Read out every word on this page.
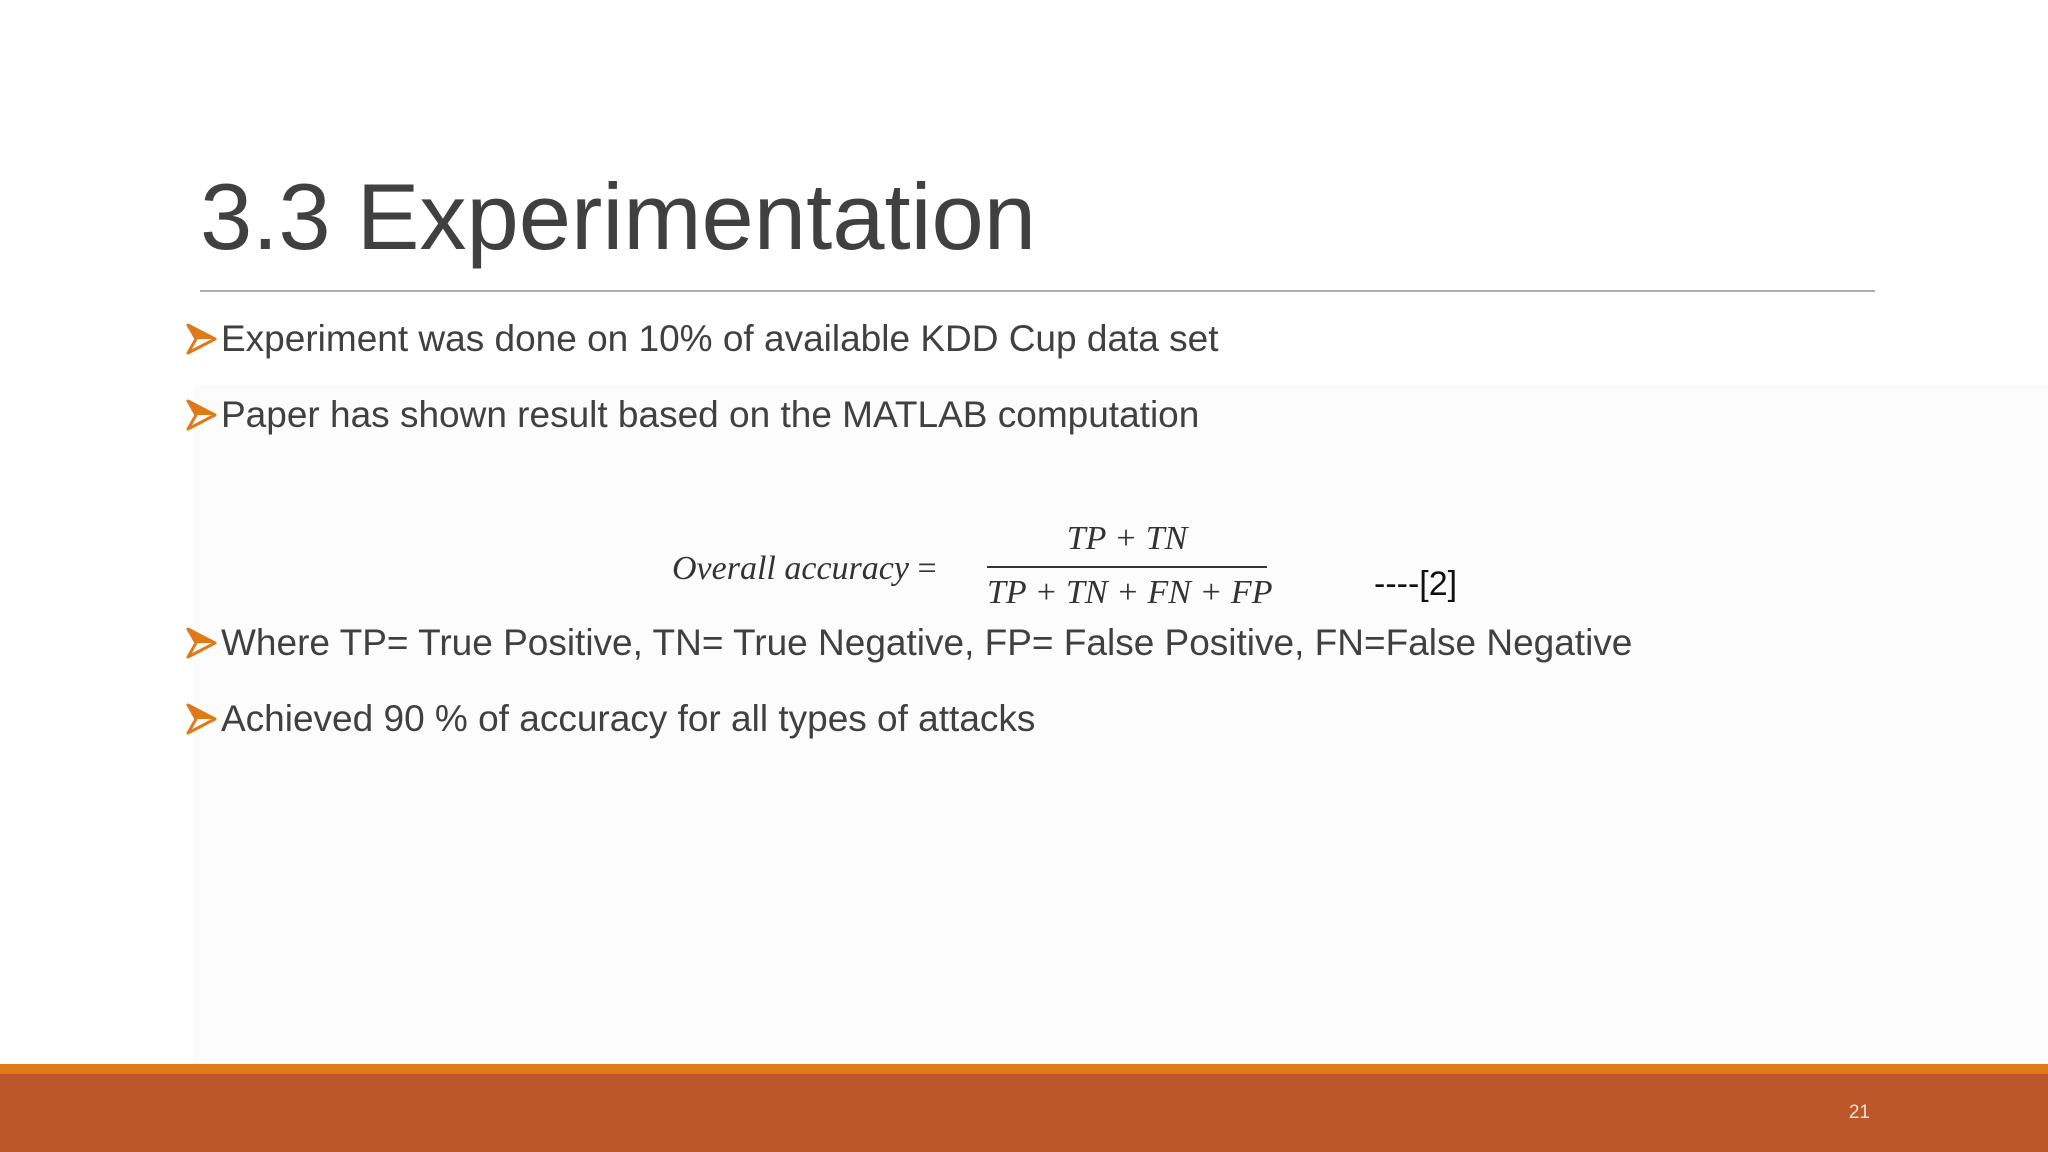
3.3 Experimentation
Experiment was done on 10% of available KDD Cup data set
Paper has shown result based on the MATLAB computation
Overall accuracy =
TP + TN
TP + TN + FN + FP	----[2]
Where TP= True Positive, TN= True Negative, FP= False Positive, FN=False Negative
Achieved 90 % of accuracy for all types of attacks
21
